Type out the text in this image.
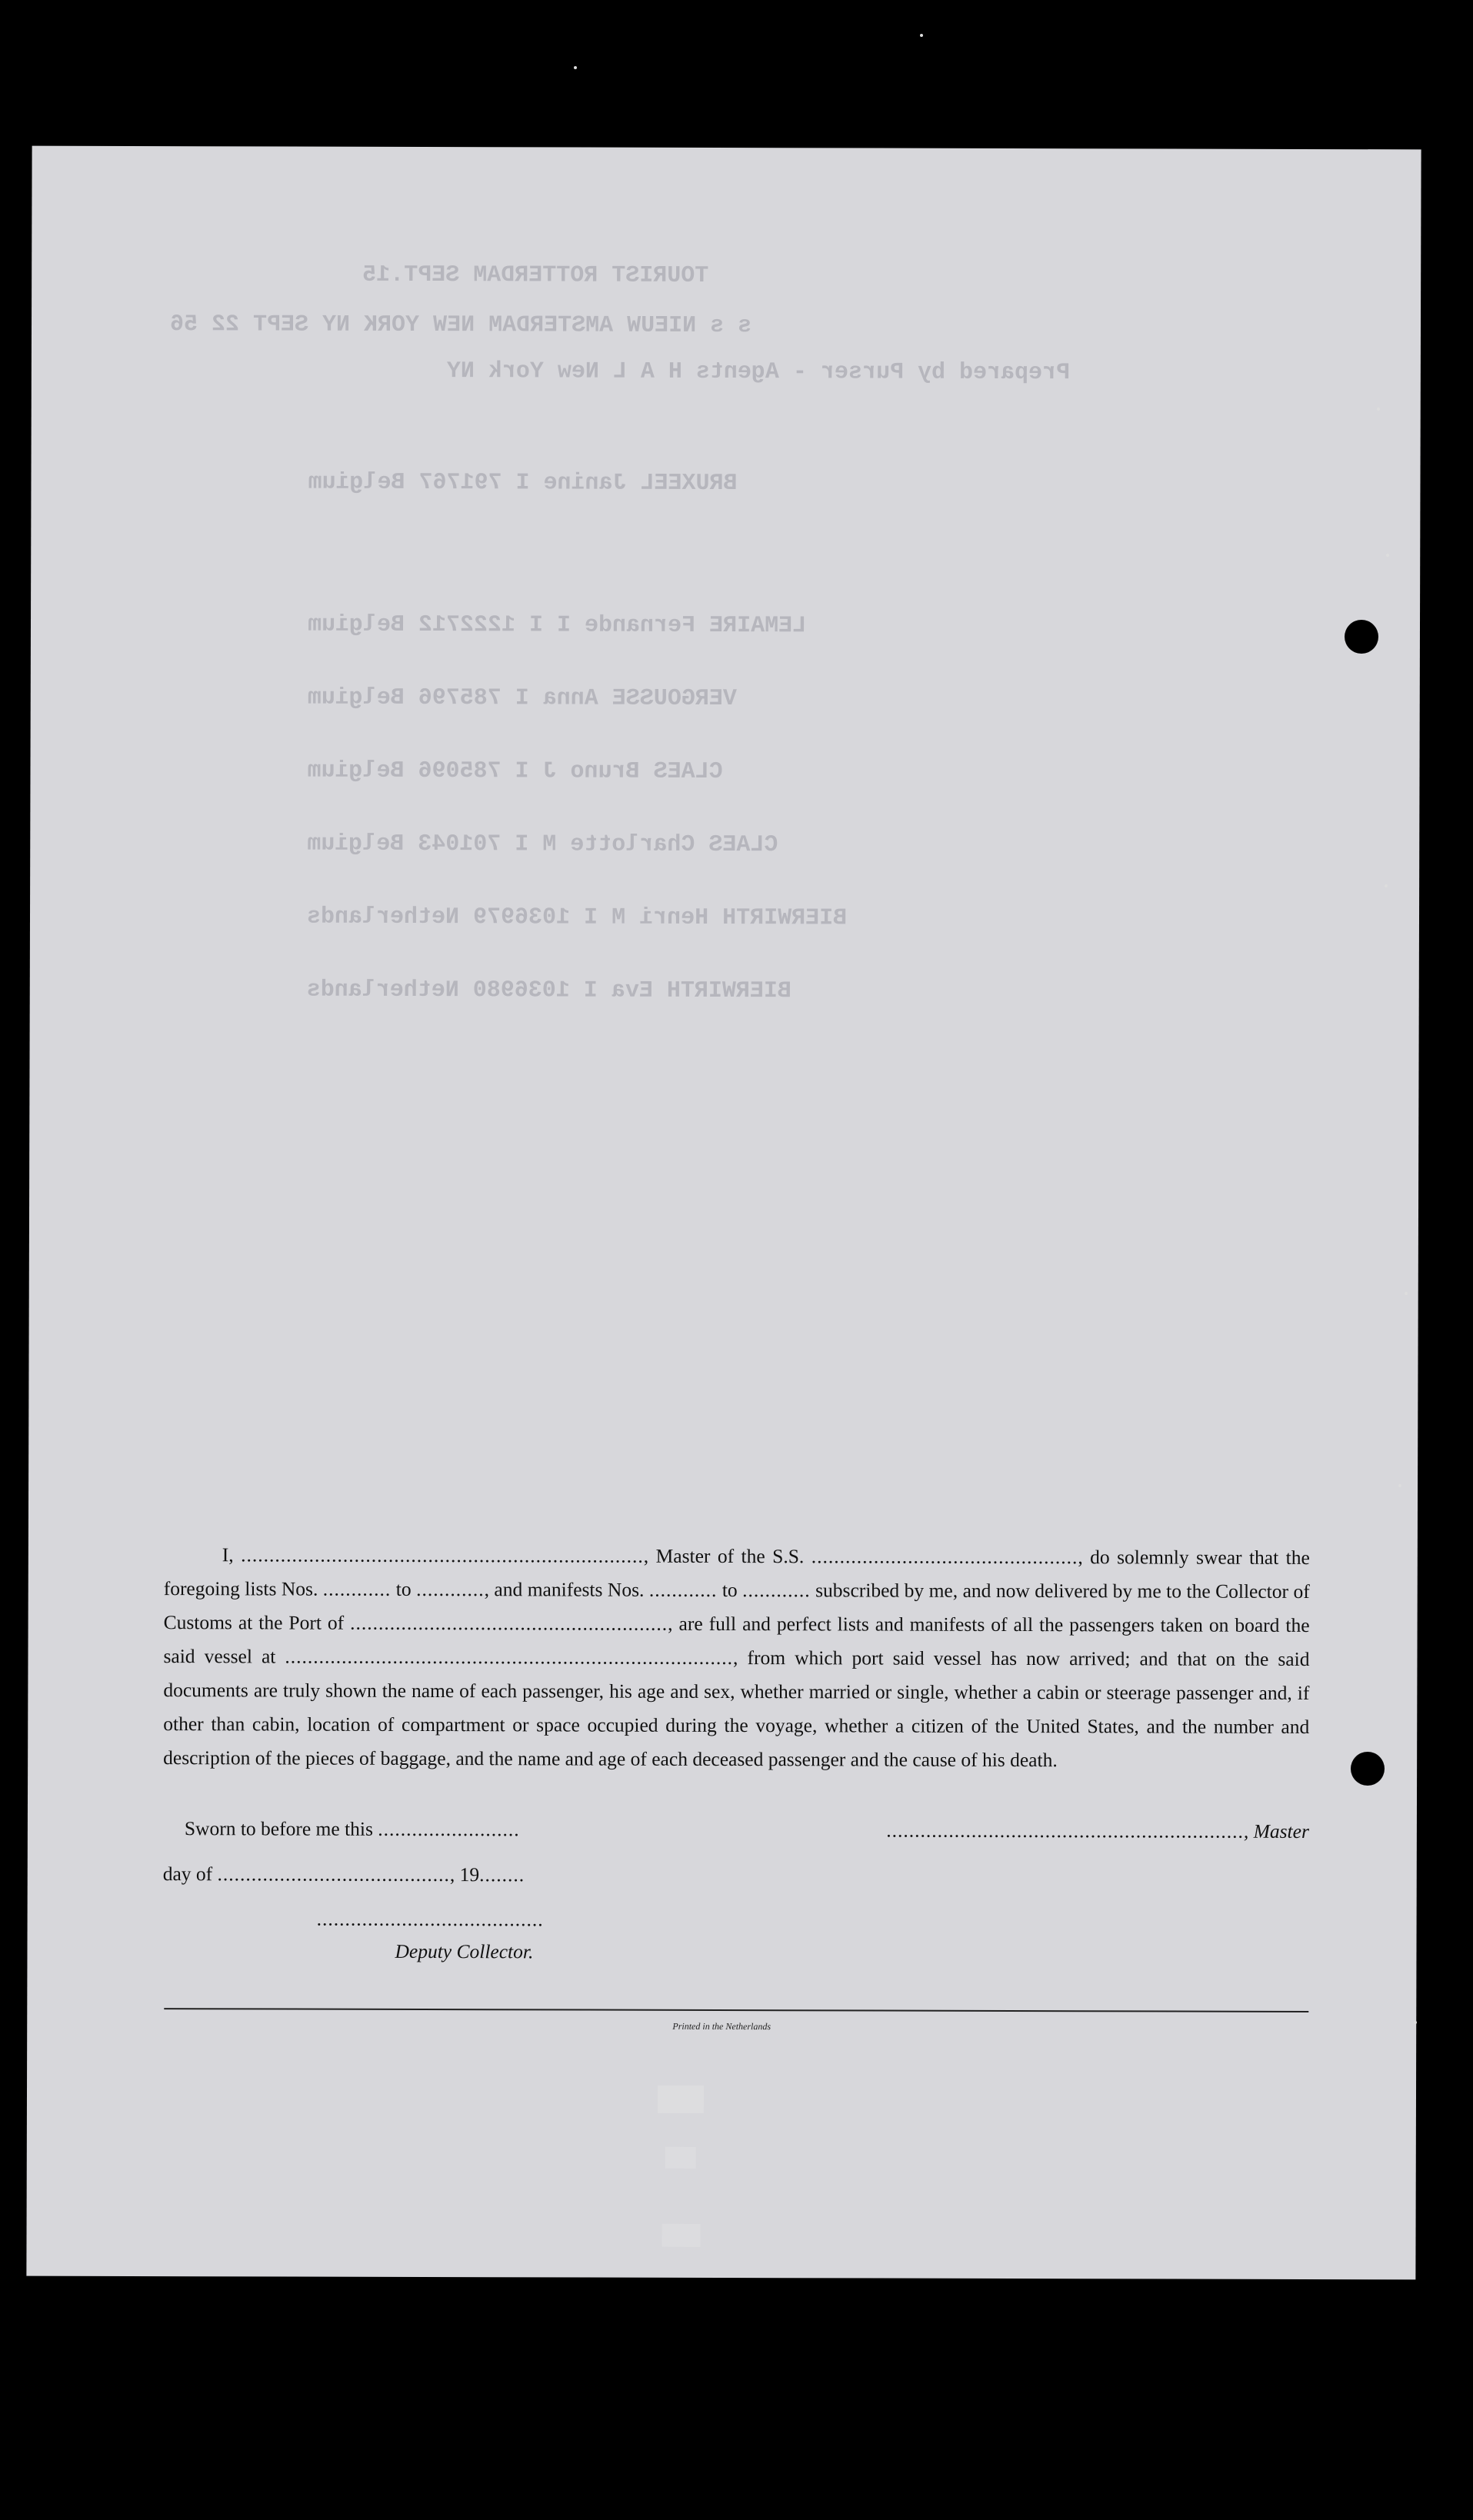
TOURIST ROTTERDAM SEPT.15
s s NIEUW AMSTERDAM NEW YORK NY SEPT 22 56
Prepared by Purser - Agents H A L New York NY
BRUXEEL Janine I 791767 Belgium
LEMAIRE Fernande I I 1222712 Belgium
VERGOUSSE Anna I 785796 Belgium
CLAES Bruno J I 785096 Belgium
CLAES Charlotte M I 701043 Belgium
BIERWIRTH Henri M I 1036979 Netherlands
BIERWIRTH Eva I 1036980 Netherlands

I, ......................................................................., Master of the S.S. ..............................................., do solemnly swear that the foregoing lists Nos. ............ to ............, and manifests Nos. ............ to ............ subscribed by me, and now delivered by me to the Collector of Customs at the Port of ........................................................, are full and perfect lists and manifests of all the passengers taken on board the said vessel at ..............................................................................., from which port said vessel has now arrived; and that on the said documents are truly shown the name of each passenger, his age and sex, whether married or single, whether a cabin or steerage passenger and, if other than cabin, location of compartment or space occupied during the voyage, whether a citizen of the United States, and the number and description of the pieces of baggage, and the name and age of each deceased passenger and the cause of his death.

Sworn to before me this .........................	..............................................................., Master
day of ........................................., 19........
........................................
Deputy Collector.
Printed in the Netherlands
